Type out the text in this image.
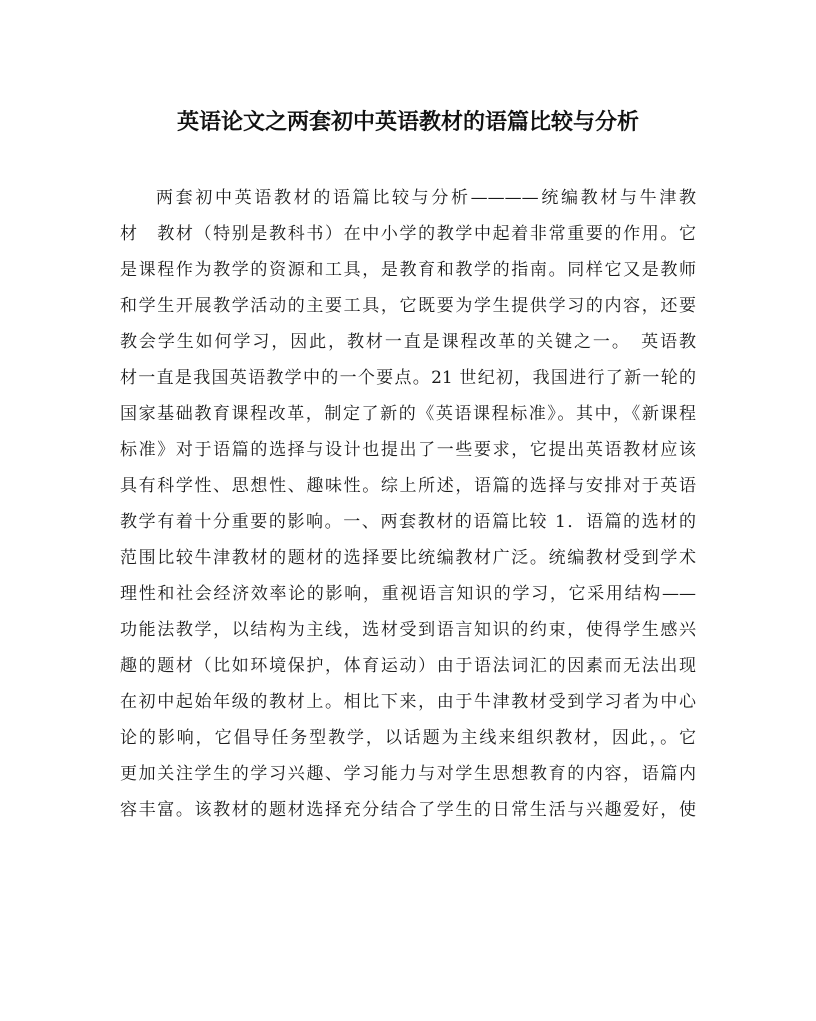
英语论文之两套初中英语教材的语篇比较与分析
两套初中英语教材的语篇比较与分析————统编教材与牛津教
材　教材（特别是教科书）在中小学的教学中起着非常重要的作用。它
是课程作为教学的资源和工具，是教育和教学的指南。同样它又是教师
和学生开展教学活动的主要工具，它既要为学生提供学习的内容，还要
教会学生如何学习，因此，教材一直是课程改革的关键之一。　英语教
材一直是我国英语教学中的一个要点。21 世纪初，我国进行了新一轮的
国家基础教育课程改革，制定了新的《英语课程标准》。其中，《新课程
标准》对于语篇的选择与设计也提出了一些要求，它提出英语教材应该
具有科学性、思想性、趣味性。综上所述，语篇的选择与安排对于英语
教学有着十分重要的影响。一、两套教材的语篇比较 1．语篇的选材的
范围比较牛津教材的题材的选择要比统编教材广泛。统编教材受到学术
理性和社会经济效率论的影响，重视语言知识的学习，它采用结构——
功能法教学，以结构为主线，选材受到语言知识的约束，使得学生感兴
趣的题材（比如环境保护，体育运动）由于语法词汇的因素而无法出现
在初中起始年级的教材上。相比下来，由于牛津教材受到学习者为中心
论的影响，它倡导任务型教学，以话题为主线来组织教材，因此，。它
更加关注学生的学习兴趣、学习能力与对学生思想教育的内容，语篇内
容丰富。该教材的题材选择充分结合了学生的日常生活与兴趣爱好，使
